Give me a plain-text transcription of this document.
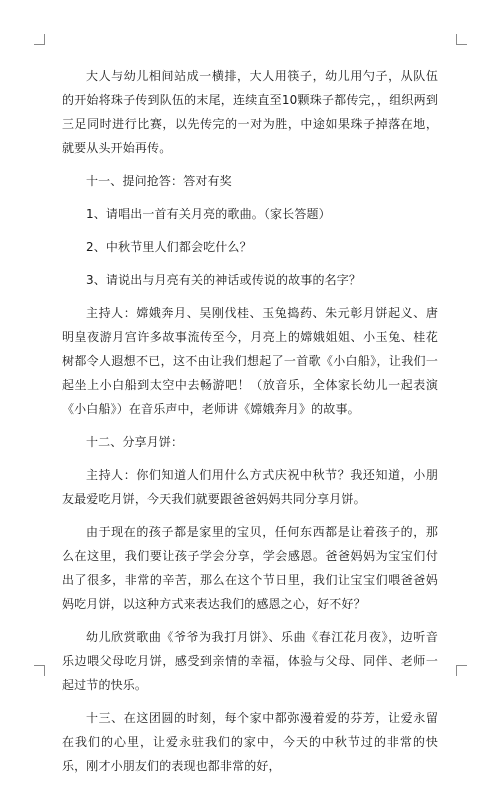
大人与幼儿相间站成一横排，大人用筷子，幼儿用勺子，从队伍的开始将珠子传到队伍的末尾，连续直至10颗珠子都传完，，组织两到三足同时进行比赛，以先传完的一对为胜，中途如果珠子掉落在地，就要从头开始再传。

十一、提问抢答：答对有奖

1、请唱出一首有关月亮的歌曲。（家长答题）

2、中秋节里人们都会吃什么？

3、请说出与月亮有关的神话或传说的故事的名字？

主持人：嫦娥奔月、吴刚伐桂、玉兔捣药、朱元彰月饼起义、唐明皇夜游月宫许多故事流传至今，月亮上的嫦娥姐姐、小玉兔、桂花树都令人遐想不已，这不由让我们想起了一首歌《小白船》，让我们一起坐上小白船到太空中去畅游吧！（放音乐，全体家长幼儿一起表演《小白船》）在音乐声中，老师讲《嫦娥奔月》的故事。

十二、分享月饼：

主持人：你们知道人们用什么方式庆祝中秋节？我还知道，小朋友最爱吃月饼，今天我们就要跟爸爸妈妈共同分享月饼。

由于现在的孩子都是家里的宝贝，任何东西都是让着孩子的，那么在这里，我们要让孩子学会分享，学会感恩。爸爸妈妈为宝宝们付出了很多，非常的辛苦，那么在这个节日里，我们让宝宝们喂爸爸妈妈吃月饼，以这种方式来表达我们的感恩之心，好不好？

幼儿欣赏歌曲《爷爷为我打月饼》、乐曲《春江花月夜》，边听音乐边喂父母吃月饼，感受到亲情的幸福，体验与父母、同伴、老师一起过节的快乐。

十三、在这团圆的时刻，每个家中都弥漫着爱的芬芳，让爱永留在我们的心里，让爱永驻我们的家中，今天的中秋节过的非常的快乐，刚才小朋友们的表现也都非常的好，
